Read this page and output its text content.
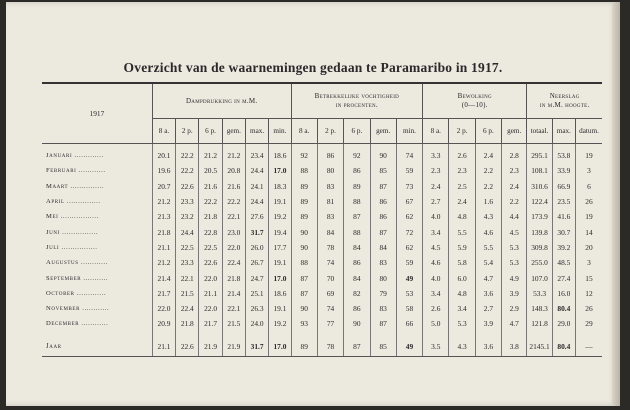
Overzicht van de waarnemingen gedaan te Paramaribo in 1917.
1917	Dampdrukking in m.M.						Betrekkelijke vochtigheid
in procenten.					Bewolking
(0—10).				Neerslag
in m.M. hoogte.		
	8 a.	2 p.	6 p.	gem.	max.	min.	8 a.	2 p.	6 p.	gem.	min.	8 a.	2 p.	6 p.	gem.	totaal.	max.	datum.

Januari .............	20.1	22.2	21.2	21.2	23.4	18.6	92	86	92	90	74	3.3	2.6	2.4	2.8	295.1	53.8	19
Februari ............	19.6	22.2	20.5	20.8	24.4	17.0	88	80	86	85	59	2.3	2.3	2.2	2.3	108.1	33.9	3
Maart ...............	20.7	22.6	21.6	21.6	24.1	18.3	89	83	89	87	73	2.4	2.5	2.2	2.4	310.6	66.9	6
April ...............	21.2	23.3	22.2	22.2	24.4	19.1	89	81	88	86	67	2.7	2.4	1.6	2.2	122.4	23.5	26
Mei .................	21.3	23.2	21.8	22.1	27.6	19.2	89	83	87	86	62	4.0	4.8	4.3	4.4	173.9	41.6	19
Juni ................	21.8	24.4	22.8	23.0	31.7	19.4	90	84	88	87	72	3.4	5.5	4.6	4.5	139.8	30.7	14
Juli ................	21.1	22.5	22.5	22.0	26.0	17.7	90	78	84	84	62	4.5	5.9	5.5	5.3	309.8	39.2	20
Augustus ............	21.2	23.3	22.6	22.4	26.7	19.1	88	74	86	83	59	4.6	5.8	5.4	5.3	255.0	48.5	3
September ...........	21.4	22.1	22.0	21.8	24.7	17.0	87	70	84	80	49	4.0	6.0	4.7	4.9	107.0	27.4	15
October .............	21.7	21.5	21.1	21.4	25.1	18.6	87	69	82	79	53	3.4	4.8	3.6	3.9	53.3	16.0	12
November ............	22.0	22.4	22.0	22.1	26.3	19.1	90	74	86	83	58	2.6	3.4	2.7	2.9	148.3	80.4	26
December ............	20.9	21.8	21.7	21.5	24.0	19.2	93	77	90	87	66	5.0	5.3	3.9	4.7	121.8	29.0	29

Jaar	21.1	22.6	21.9	21.9	31.7	17.0	89	78	87	85	49	3.5	4.3	3.6	3.8	2145.1	80.4	—
